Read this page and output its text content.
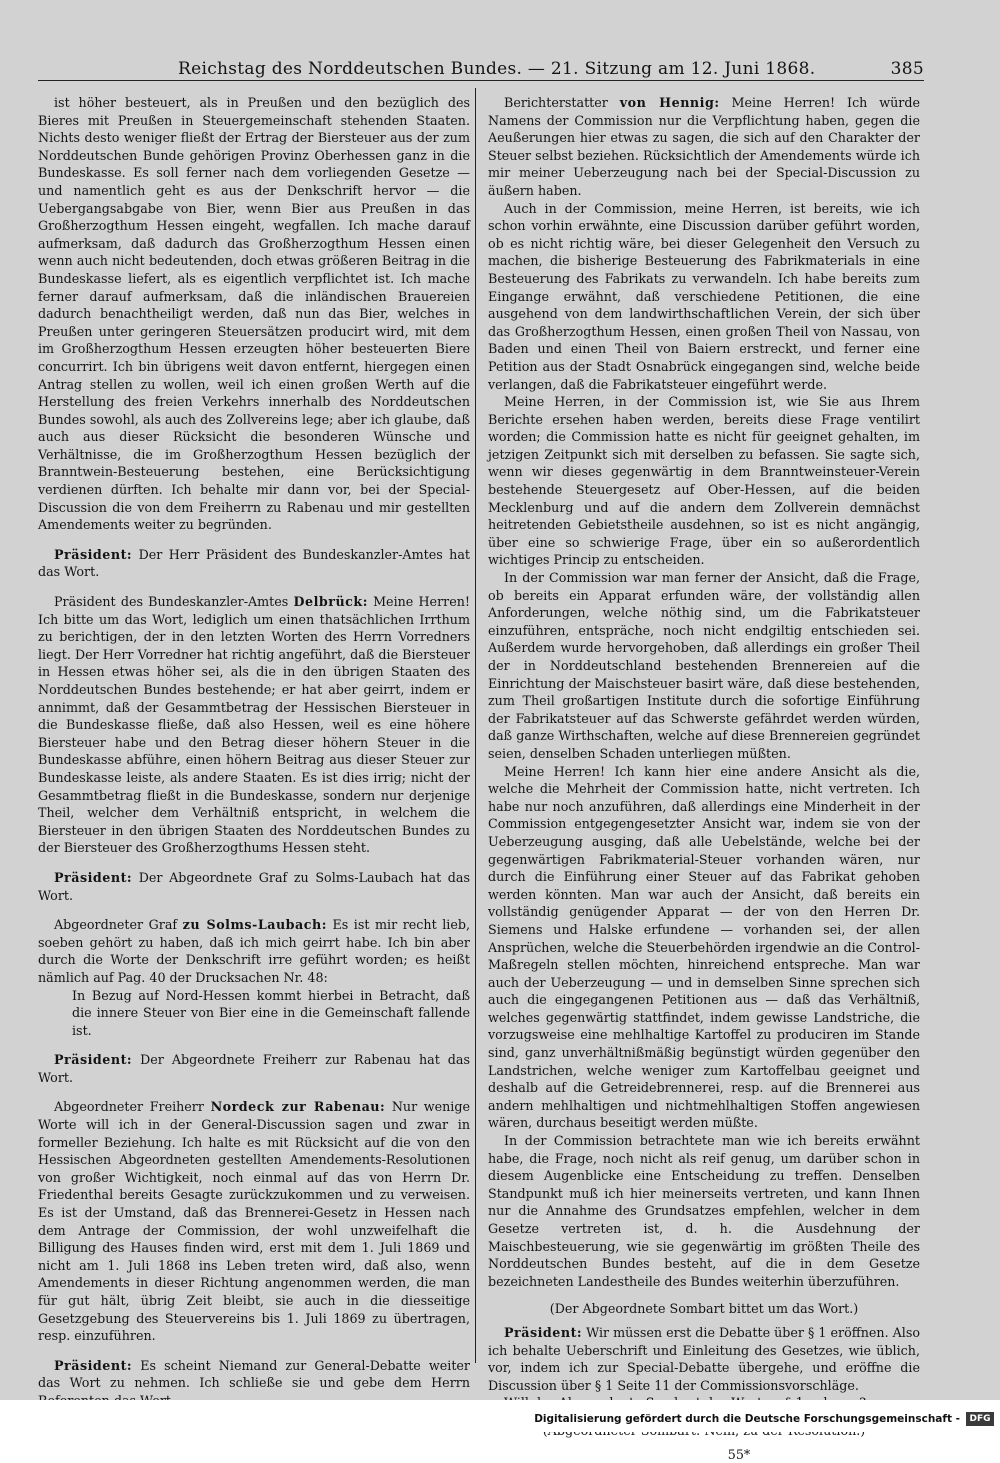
Reichstag des Norddeutschen Bundes. — 21. Sitzung am 12. Juni 1868.	385

ist höher besteuert, als in Preußen und den bezüglich des Bieres mit Preußen in Steuergemeinschaft stehenden Staaten. Nichts desto weniger fließt der Ertrag der Biersteuer aus der zum Norddeutschen Bunde gehörigen Provinz Oberhessen ganz in die Bundeskasse. Es soll ferner nach dem vorliegenden Gesetze — und namentlich geht es aus der Denkschrift hervor — die Uebergangsabgabe von Bier, wenn Bier aus Preußen in das Großherzogthum Hessen eingeht, wegfallen. Ich mache darauf aufmerksam, daß dadurch das Großherzogthum Hessen einen wenn auch nicht bedeutenden, doch etwas größeren Beitrag in die Bundeskasse liefert, als es eigentlich verpflichtet ist. Ich mache ferner darauf aufmerksam, daß die inländischen Brauereien dadurch benachtheiligt werden, daß nun das Bier, welches in Preußen unter geringeren Steuersätzen producirt wird, mit dem im Großherzogthum Hessen erzeugten höher besteuerten Biere concurrirt. Ich bin übrigens weit davon entfernt, hiergegen einen Antrag stellen zu wollen, weil ich einen großen Werth auf die Herstellung des freien Verkehrs innerhalb des Norddeutschen Bundes sowohl, als auch des Zollvereins lege; aber ich glaube, daß auch aus dieser Rücksicht die besonderen Wünsche und Verhältnisse, die im Großherzogthum Hessen bezüglich der Branntwein-Besteuerung bestehen, eine Berücksichtigung verdienen dürften. Ich behalte mir dann vor, bei der Special-Discussion die von dem Freiherrn zu Rabenau und mir gestellten Amendements weiter zu begründen.

Präsident: Der Herr Präsident des Bundeskanzler-Amtes hat das Wort.

Präsident des Bundeskanzler-Amtes Delbrück: Meine Herren! Ich bitte um das Wort, lediglich um einen thatsächlichen Irrthum zu berichtigen, der in den letzten Worten des Herrn Vorredners liegt. Der Herr Vorredner hat richtig angeführt, daß die Biersteuer in Hessen etwas höher sei, als die in den übrigen Staaten des Norddeutschen Bundes bestehende; er hat aber geirrt, indem er annimmt, daß der Gesammtbetrag der Hessischen Biersteuer in die Bundeskasse fließe, daß also Hessen, weil es eine höhere Biersteuer habe und den Betrag dieser höhern Steuer in die Bundeskasse abführe, einen höhern Beitrag aus dieser Steuer zur Bundeskasse leiste, als andere Staaten. Es ist dies irrig; nicht der Gesammtbetrag fließt in die Bundeskasse, sondern nur derjenige Theil, welcher dem Verhältniß entspricht, in welchem die Biersteuer in den übrigen Staaten des Norddeutschen Bundes zu der Biersteuer des Großherzogthums Hessen steht.

Präsident: Der Abgeordnete Graf zu Solms-Laubach hat das Wort.

Abgeordneter Graf zu Solms-Laubach: Es ist mir recht lieb, soeben gehört zu haben, daß ich mich geirrt habe. Ich bin aber durch die Worte der Denkschrift irre geführt worden; es heißt nämlich auf Pag. 40 der Drucksachen Nr. 48:

In Bezug auf Nord-Hessen kommt hierbei in Betracht, daß die innere Steuer von Bier eine in die Gemeinschaft fallende ist.

Präsident: Der Abgeordnete Freiherr zur Rabenau hat das Wort.

Abgeordneter Freiherr Nordeck zur Rabenau: Nur wenige Worte will ich in der General-Discussion sagen und zwar in formeller Beziehung. Ich halte es mit Rücksicht auf die von den Hessischen Abgeordneten gestellten Amendements-Resolutionen von großer Wichtigkeit, noch einmal auf das von Herrn Dr. Friedenthal bereits Gesagte zurückzukommen und zu verweisen. Es ist der Umstand, daß das Brennerei-Gesetz in Hessen nach dem Antrage der Commission, der wohl unzweifelhaft die Billigung des Hauses finden wird, erst mit dem 1. Juli 1869 und nicht am 1. Juli 1868 ins Leben treten wird, daß also, wenn Amendements in dieser Richtung angenommen werden, die man für gut hält, übrig Zeit bleibt, sie auch in die diesseitige Gesetzgebung des Steuervereins bis 1. Juli 1869 zu übertragen, resp. einzuführen.

Präsident: Es scheint Niemand zur General-Debatte weiter das Wort zu nehmen. Ich schließe sie und gebe dem Herrn

Berichterstatter von Hennig: Meine Herren! Ich würde Namens der Commission nur die Verpflichtung haben, gegen die Aeußerungen hier etwas zu sagen, die sich auf den Charakter der Steuer selbst beziehen. Rücksichtlich der Amendements würde ich mir meiner Ueberzeugung nach bei der Special-Discussion zu äußern haben.

Auch in der Commission, meine Herren, ist bereits, wie ich schon vorhin erwähnte, eine Discussion darüber geführt worden, ob es nicht richtig wäre, bei dieser Gelegenheit den Versuch zu machen, die bisherige Besteuerung des Fabrikmaterials in eine Besteuerung des Fabrikats zu verwandeln. Ich habe bereits zum Eingange erwähnt, daß verschiedene Petitionen, die eine ausgehend von dem landwirthschaftlichen Verein, der sich über das Großherzogthum Hessen, einen großen Theil von Nassau, von Baden und einen Theil von Baiern erstreckt, und ferner eine Petition aus der Stadt Osnabrück eingegangen sind, welche beide verlangen, daß die Fabrikatsteuer eingeführt werde.

Meine Herren, in der Commission ist, wie Sie aus Ihrem Berichte ersehen haben werden, bereits diese Frage ventilirt worden; die Commission hatte es nicht für geeignet gehalten, im jetzigen Zeitpunkt sich mit derselben zu befassen. Sie sagte sich, wenn wir dieses gegenwärtig in dem Branntweinsteuer-Verein bestehende Steuergesetz auf Ober-Hessen, auf die beiden Mecklenburg und auf die andern dem Zollverein demnächst heitretenden Gebietstheile ausdehnen, so ist es nicht angängig, über eine so schwierige Frage, über ein so außerordentlich wichtiges Princip zu entscheiden.

In der Commission war man ferner der Ansicht, daß die Frage, ob bereits ein Apparat erfunden wäre, der vollständig allen Anforderungen, welche nöthig sind, um die Fabrikatsteuer einzuführen, entspräche, noch nicht endgiltig entschieden sei. Außerdem wurde hervorgehoben, daß allerdings ein großer Theil der in Norddeutschland bestehenden Brennereien auf die Einrichtung der Maischsteuer basirt wäre, daß diese bestehenden, zum Theil großartigen Institute durch die sofortige Einführung der Fabrikatsteuer auf das Schwerste gefährdet werden würden, daß ganze Wirthschaften, welche auf diese Brennereien gegründet seien, denselben Schaden unterliegen müßten.

Meine Herren! Ich kann hier eine andere Ansicht als die, welche die Mehrheit der Commission hatte, nicht vertreten. Ich habe nur noch anzuführen, daß allerdings eine Minderheit in der Commission entgegengesetzter Ansicht war, indem sie von der Ueberzeugung ausging, daß alle Uebelstände, welche bei der gegenwärtigen Fabrikmaterial-Steuer vorhanden wären, nur durch die Einführung einer Steuer auf das Fabrikat gehoben werden könnten. Man war auch der Ansicht, daß bereits ein vollständig genügender Apparat — der von den Herren Dr. Siemens und Halske erfundene — vorhanden sei, der allen Ansprüchen, welche die Steuerbehörden irgendwie an die Control-Maßregeln stellen möchten, hinreichend entspreche. Man war auch der Ueberzeugung — und in demselben Sinne sprechen sich auch die eingegangenen Petitionen aus — daß das Verhältniß, welches gegenwärtig stattfindet, indem gewisse Landstriche, die vorzugsweise eine mehlhaltige Kartoffel zu produciren im Stande sind, ganz unverhältnißmäßig begünstigt würden gegenüber den Landstrichen, welche weniger zum Kartoffelbau geeignet und deshalb auf die Getreidebrennerei, resp. auf die Brennerei aus andern mehlhaltigen und nichtmehlhaltigen Stoffen angewiesen wären, durchaus beseitigt werden müßte.

In der Commission betrachtete man wie ich bereits erwähnt habe, die Frage, noch nicht als reif genug, um darüber schon in diesem Augenblicke eine Entscheidung zu treffen. Denselben Standpunkt muß ich hier meinerseits vertreten, und kann Ihnen nur die Annahme des Grundsatzes empfehlen, welcher in dem Gesetze vertreten ist, d. h. die Ausdehnung der Maischbesteuerung, wie sie gegenwärtig im größten Theile des Norddeutschen Bundes besteht, auf die in dem Gesetze bezeichneten Landestheile des Bundes weiterhin überzuführen.

(Der Abgeordnete Sombart bittet um das Wort.)

Präsident: Wir müssen erst die Debatte über § 1 eröffnen. Also ich behalte Ueberschrift und Einleitung des Gesetzes, wie üblich, vor, indem ich zur Special-Debatte übergehe, und eröffne die Discussion über § 1 Seite 11 der Commissionsvorschläge.

55*

Digitalisierung gefördert durch die Deutsche Forschungsgemeinschaft -	DFG
